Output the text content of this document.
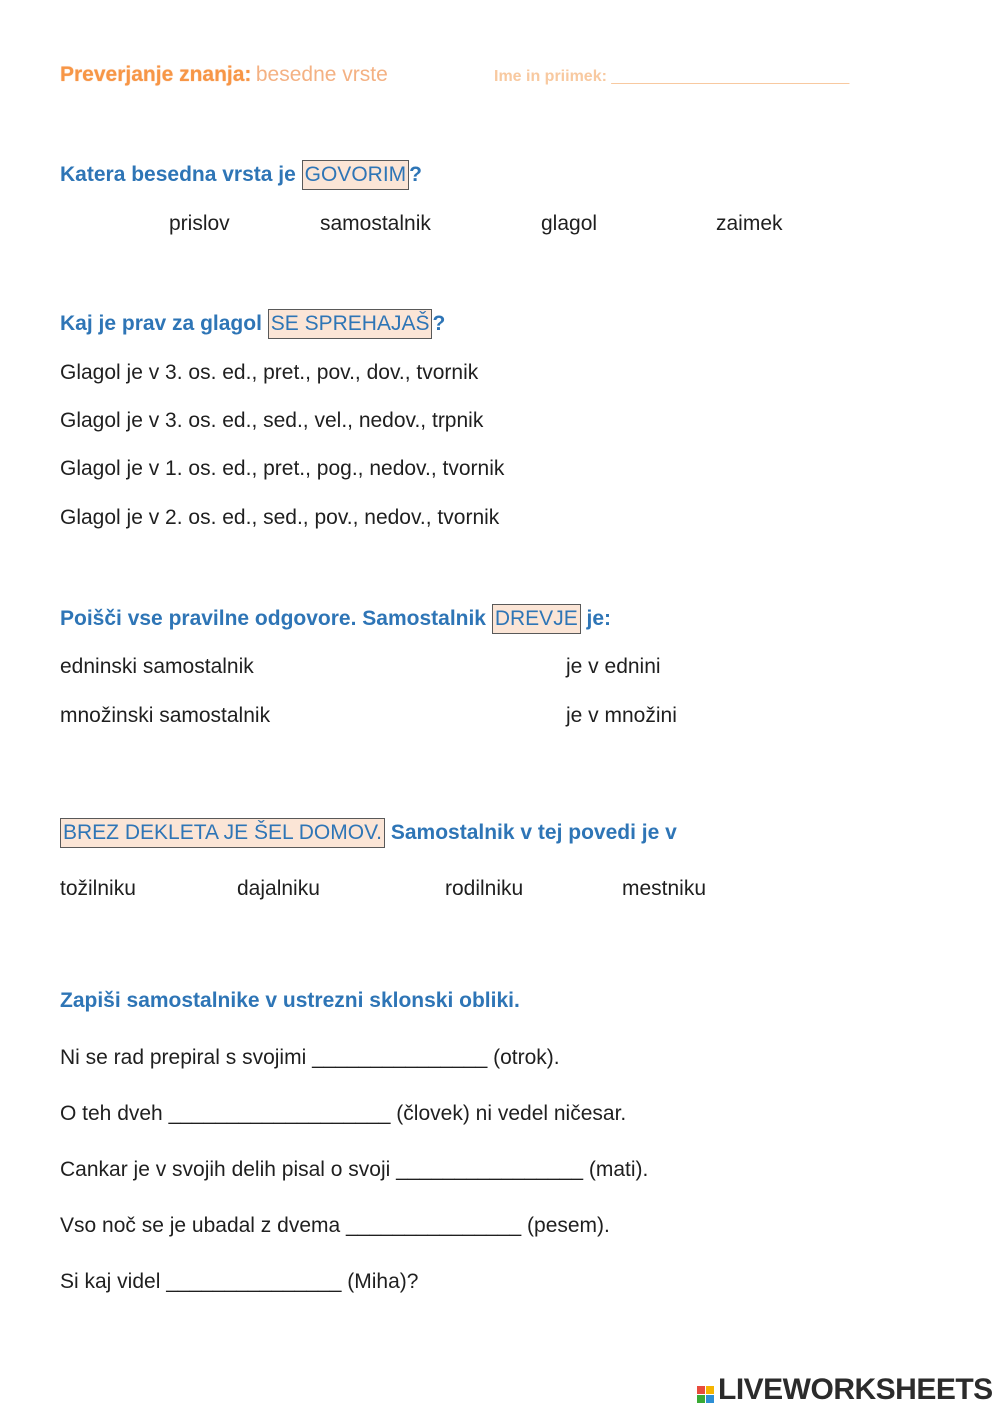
Preverjanje znanja: besedne vrste	Ime in priimek: ______________________________
Katera besedna vrsta je GOVORIM ?
prislov	samostalnik	glagol	zaimek
Kaj je prav za glagol SE SPREHAJAŠ ?
Glagol je v 3. os. ed., pret., pov., dov., tvornik
Glagol je v 3. os. ed., sed., vel., nedov., trpnik
Glagol je v 1. os. ed., pret., pog., nedov., tvornik
Glagol je v 2. os. ed., sed., pov., nedov., tvornik
Poišči vse pravilne odgovore. Samostalnik DREVJE je:
edninski samostalnik	je v ednini
množinski samostalnik	je v množini
BREZ DEKLETA JE ŠEL DOMOV. Samostalnik v tej povedi je v
tožilniku	dajalniku	rodilniku	mestniku
Zapiši samostalnike v ustrezni sklonski obliki.
Ni se rad prepiral s svojimi _______________ (otrok).
O teh dveh ___________________ (človek) ni vedel ničesar.
Cankar je v svojih delih pisal o svoji ________________ (mati).
Vso noč se je ubadal z dvema _______________ (pesem).
Si kaj videl _______________ (Miha)?
LIVEWORKSHEETS
